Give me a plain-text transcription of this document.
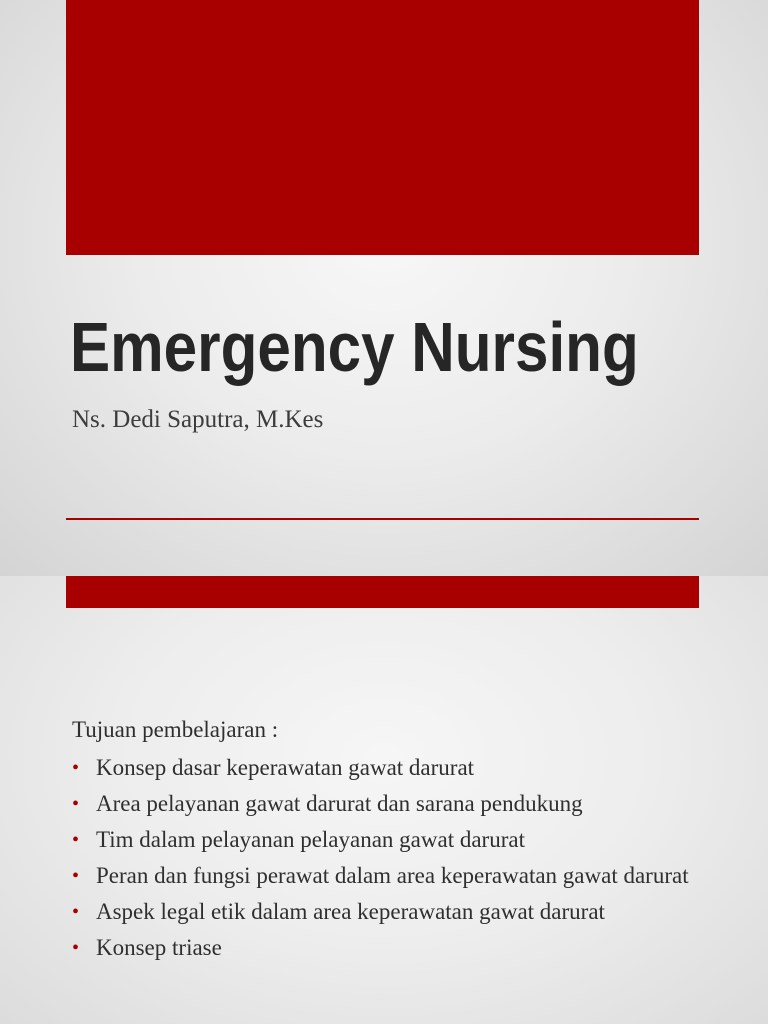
Emergency Nursing
Ns. Dedi Saputra, M.Kes
Tujuan pembelajaran :
• Konsep dasar keperawatan gawat darurat
• Area pelayanan gawat darurat dan sarana pendukung
• Tim dalam pelayanan pelayanan gawat darurat
• Peran dan fungsi perawat dalam area keperawatan gawat darurat
• Aspek legal etik dalam area keperawatan gawat darurat
• Konsep triase
